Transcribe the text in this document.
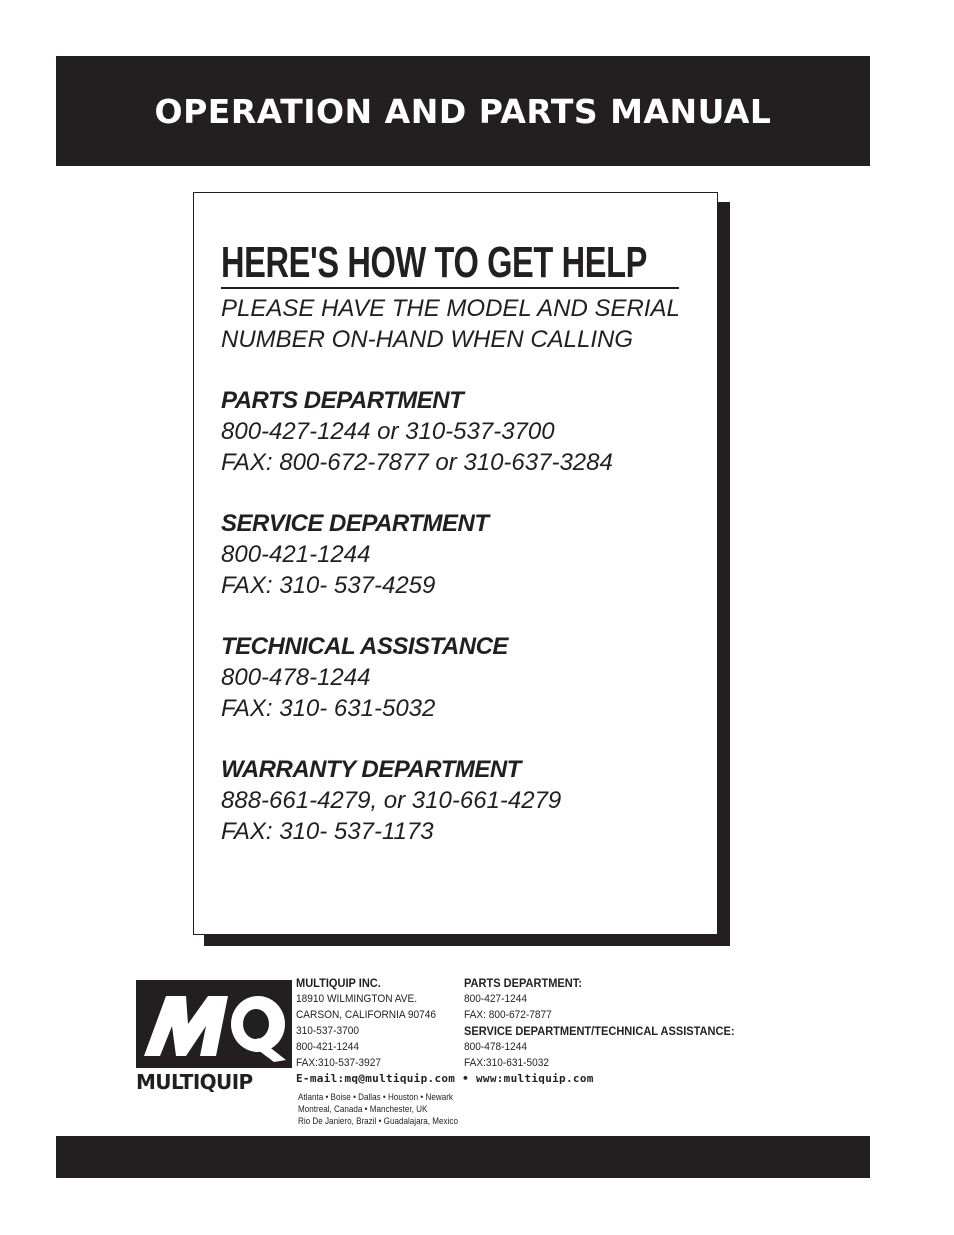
OPERATION AND PARTS MANUAL
HERE'S HOW TO GET HELP

PLEASE HAVE THE MODEL AND SERIAL
NUMBER ON-HAND WHEN CALLING

PARTS DEPARTMENT
800-427-1244 or 310-537-3700
FAX: 800-672-7877 or 310-637-3284
SERVICE DEPARTMENT
800-421-1244
FAX: 310- 537-4259
TECHNICAL ASSISTANCE
800-478-1244
FAX: 310- 631-5032
WARRANTY DEPARTMENT
888-661-4279, or 310-661-4279
FAX: 310- 537-1173
MULTIQUIP
MULTIQUIP INC.
18910 WILMINGTON AVE.
CARSON, CALIFORNIA 90746
310-537-3700
800-421-1244
FAX:310-537-3927
PARTS DEPARTMENT:
800-427-1244
FAX: 800-672-7877
SERVICE DEPARTMENT/TECHNICAL ASSISTANCE:
800-478-1244
FAX:310-631-5032
E-mail:mq@multiquip.com • www:multiquip.com
Atlanta • Boise • Dallas • Houston • Newark
Montreal, Canada • Manchester, UK
Rio De Janiero, Brazil • Guadalajara, Mexico
